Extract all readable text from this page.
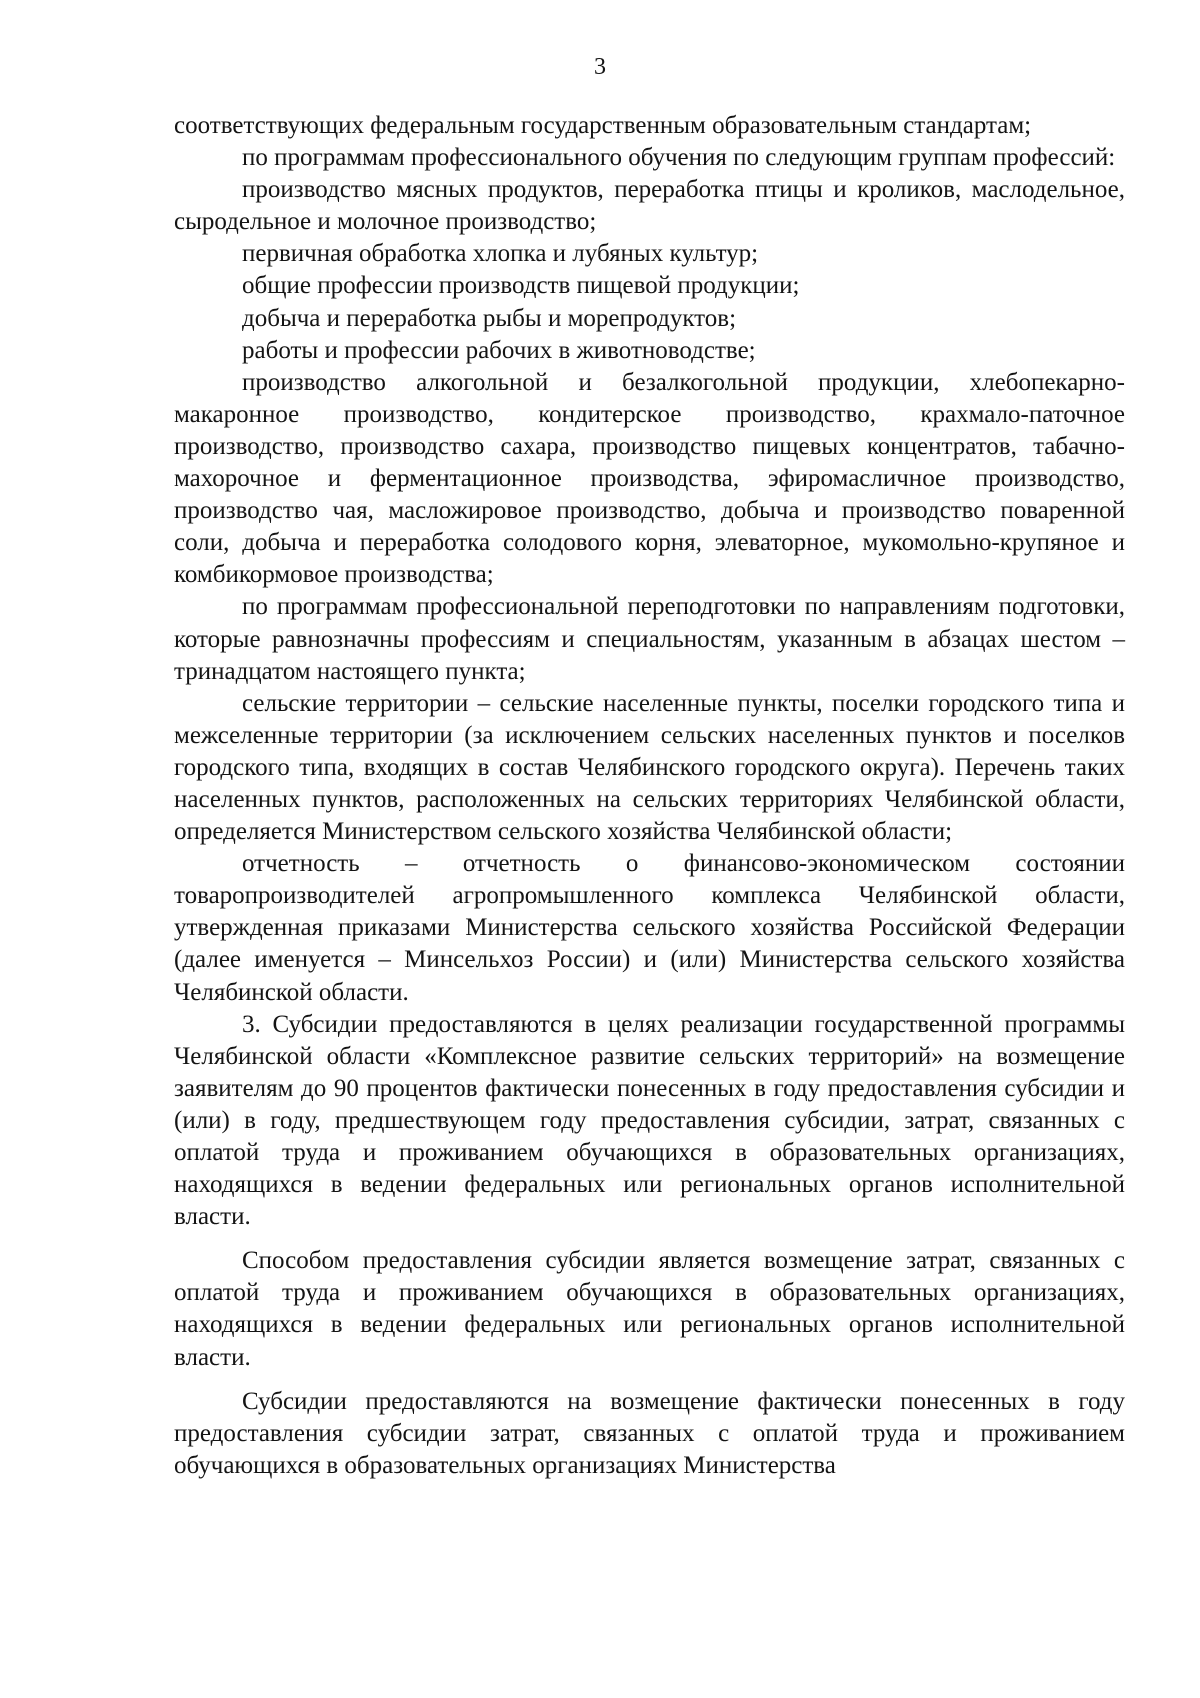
3

соответствующих федеральным государственным образовательным стандартам;

по программам профессионального обучения по следующим группам профессий:

производство мясных продуктов, переработка птицы и кроликов, маслодельное, сыродельное и молочное производство;

первичная обработка хлопка и лубяных культур;

общие профессии производств пищевой продукции;

добыча и переработка рыбы и морепродуктов;

работы и профессии рабочих в животноводстве;

производство алкогольной и безалкогольной продукции, хлебопекарно-макаронное производство, кондитерское производство, крахмало-паточное производство, производство сахара, производство пищевых концентратов, табачно-махорочное и ферментационное производства, эфиромасличное производство, производство чая, масложировое производство, добыча и производство поваренной соли, добыча и переработка солодового корня, элеваторное, мукомольно-крупяное и комбикормовое производства;

по программам профессиональной переподготовки по направлениям подготовки, которые равнозначны профессиям и специальностям, указанным в абзацах шестом – тринадцатом настоящего пункта;

сельские территории – сельские населенные пункты, поселки городского типа и межселенные территории (за исключением сельских населенных пунктов и поселков городского типа, входящих в состав Челябинского городского округа). Перечень таких населенных пунктов, расположенных на сельских территориях Челябинской области, определяется Министерством сельского хозяйства Челябинской области;

отчетность – отчетность о финансово-экономическом состоянии товаропроизводителей агропромышленного комплекса Челябинской области, утвержденная приказами Министерства сельского хозяйства Российской Федерации (далее именуется – Минсельхоз России) и (или) Министерства сельского хозяйства Челябинской области.

3. Субсидии предоставляются в целях реализации государственной программы Челябинской области «Комплексное развитие сельских территорий» на возмещение заявителям до 90 процентов фактически понесенных в году предоставления субсидии и (или) в году, предшествующем году предоставления субсидии, затрат, связанных с оплатой труда и проживанием обучающихся в образовательных организациях, находящихся в ведении федеральных или региональных органов исполнительной власти.

Способом предоставления субсидии является возмещение затрат, связанных с оплатой труда и проживанием обучающихся в образовательных организациях, находящихся в ведении федеральных или региональных органов исполнительной власти.

Субсидии предоставляются на возмещение фактически понесенных в году предоставления субсидии затрат, связанных с оплатой труда и проживанием обучающихся в образовательных организациях Министерства
